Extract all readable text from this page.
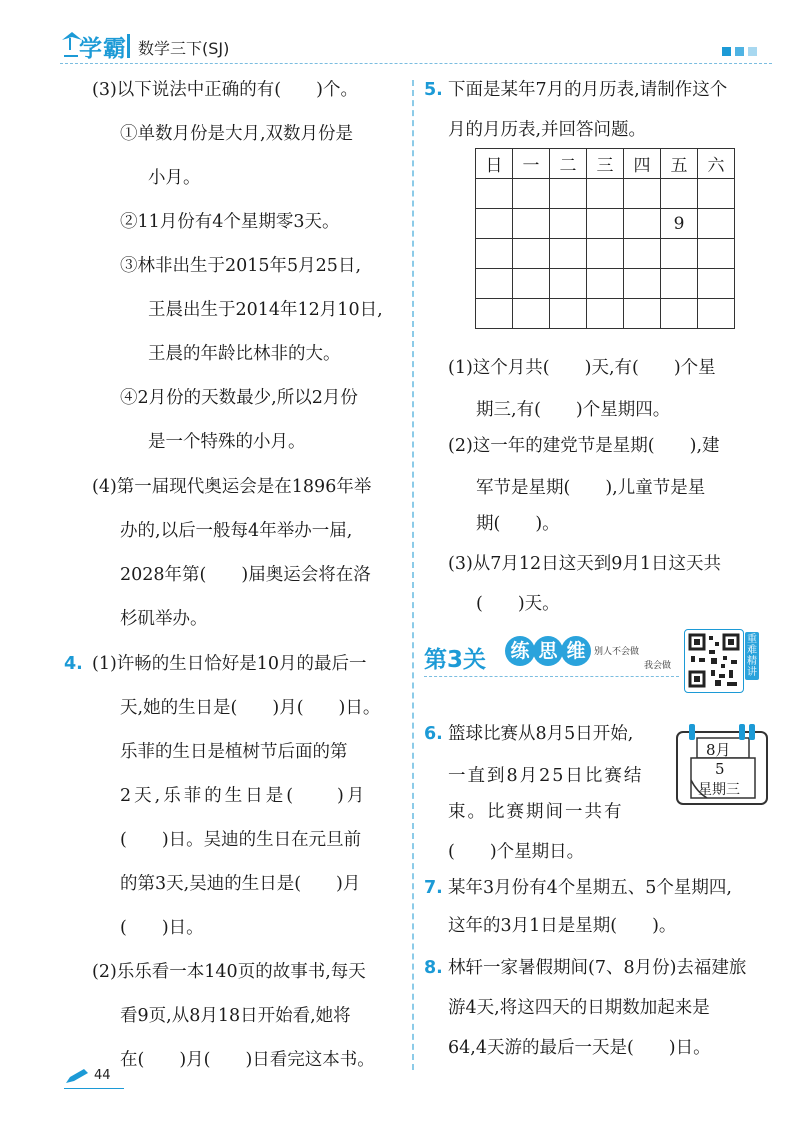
学霸 数学三下(SJ)
(3)以下说法中正确的有(　　)个。
①单数月份是大月,双数月份是
小月。
②11月份有4个星期零3天。
③林非出生于2015年5月25日,
王晨出生于2014年12月10日,
王晨的年龄比林非的大。
④2月份的天数最少,所以2月份
是一个特殊的小月。
(4)第一届现代奥运会是在1896年举
办的,以后一般每4年举办一届,
2028年第(　　)届奥运会将在洛
杉矶举办。
4. (1)许畅的生日恰好是10月的最后一
天,她的生日是(　　)月(　　)日。
乐菲的生日是植树节后面的第
2天,乐菲的生日是(　　)月
(　　)日。吴迪的生日在元旦前
的第3天,吴迪的生日是(　　)月
(　　)日。
(2)乐乐看一本140页的故事书,每天
看9页,从8月18日开始看,她将
在(　　)月(　　)日看完这本书。
5. 下面是某年7月的月历表,请制作这个
月的月历表,并回答问题。
日	一	二	三	四	五	六

					9	

(1)这个月共(　　)天,有(　　)个星
期三,有(　　)个星期四。
(2)这一年的建党节是星期(　　),建
军节是星期(　　),儿童节是星
期(　　)。
(3)从7月12日这天到9月1日这天共
(　　)天。
第3关 练 思 维 别人不会做
我会做
重难精讲
6. 篮球比赛从8月5日开始,
一直到8月25日比赛结
束。比赛期间一共有
(　　)个星期日。
8月
5
星期三
7. 某年3月份有4个星期五、5个星期四,
这年的3月1日是星期(　　)。
8. 林轩一家暑假期间(7、8月份)去福建旅
游4天,将这四天的日期数加起来是
64,4天游的最后一天是(　　)日。
44
